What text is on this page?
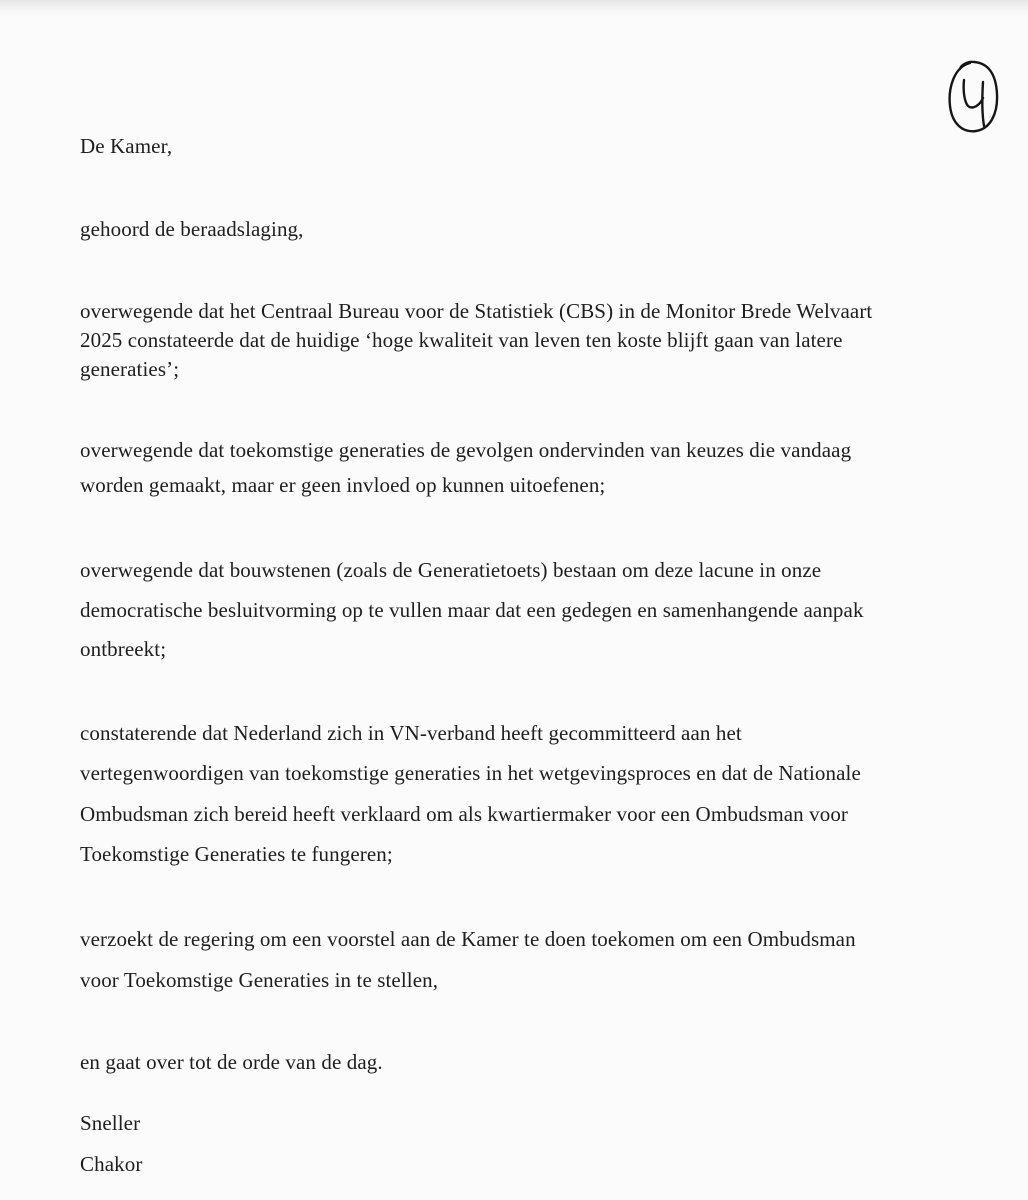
De Kamer,

gehoord de beraadslaging,

overwegende dat het Centraal Bureau voor de Statistiek (CBS) in de Monitor Brede Welvaart

2025 constateerde dat de huidige ‘hoge kwaliteit van leven ten koste blijft gaan van latere

generaties’;

overwegende dat toekomstige generaties de gevolgen ondervinden van keuzes die vandaag

worden gemaakt, maar er geen invloed op kunnen uitoefenen;

overwegende dat bouwstenen (zoals de Generatietoets) bestaan om deze lacune in onze

democratische besluitvorming op te vullen maar dat een gedegen en samenhangende aanpak

ontbreekt;

constaterende dat Nederland zich in VN-verband heeft gecommitteerd aan het

vertegenwoordigen van toekomstige generaties in het wetgevingsproces en dat de Nationale

Ombudsman zich bereid heeft verklaard om als kwartiermaker voor een Ombudsman voor

Toekomstige Generaties te fungeren;

verzoekt de regering om een voorstel aan de Kamer te doen toekomen om een Ombudsman

voor Toekomstige Generaties in te stellen,

en gaat over tot de orde van de dag.

Sneller

Chakor
